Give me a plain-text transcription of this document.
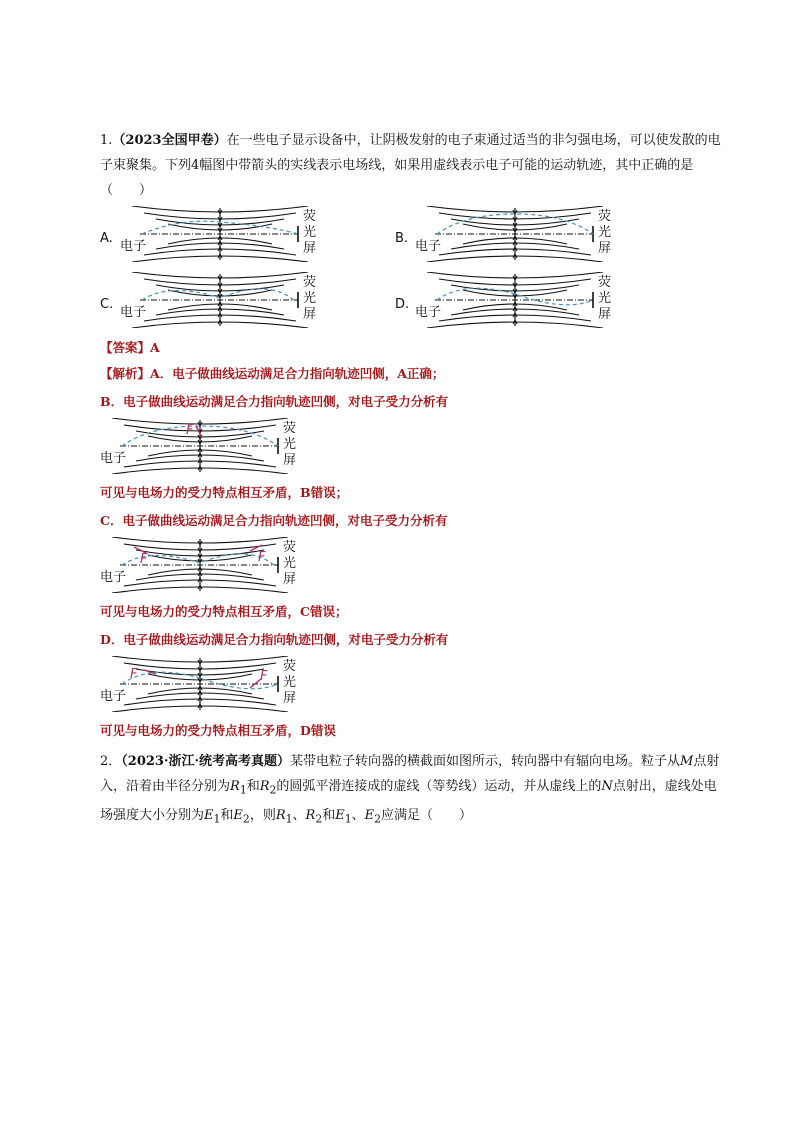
1.（2023全国甲卷）在一些电子显示设备中，让阴极发射的电子束通过适当的非匀强电场，可以使发散的电子束聚集。下列4幅图中带箭头的实线表示电场线，如果用虚线表示电子可能的运动轨迹，其中正确的是（　　）
A.
荧
光
屏
电子
B.
荧
光
屏
电子
C.
荧
光
屏
电子
D.
荧
光
屏
电子
【答案】A
【解析】A．电子做曲线运动满足合力指向轨迹凹侧，A正确；
B．电子做曲线运动满足合力指向轨迹凹侧，对电子受力分析有
荧
光
屏
电子
F
可见与电场力的受力特点相互矛盾，B错误；
C．电子做曲线运动满足合力指向轨迹凹侧，对电子受力分析有
荧
光
屏
电子
F	F
可见与电场力的受力特点相互矛盾，C错误；
D．电子做曲线运动满足合力指向轨迹凹侧，对电子受力分析有
荧
光
屏
电子
F	F
可见与电场力的受力特点相互矛盾，D错误
2．（2023·浙江·统考高考真题）某带电粒子转向器的横截面如图所示，转向器中有辐向电场。粒子从M点射入，沿着由半径分别为$R_1$和$R_2$的圆弧平滑连接成的虚线（等势线）运动，并从虚线上的N点射出，虚线处电场强度大小分别为$E_1$和$E_2$，则$R_1$、$R_2$和$E_1$、$E_2$应满足（　　）
